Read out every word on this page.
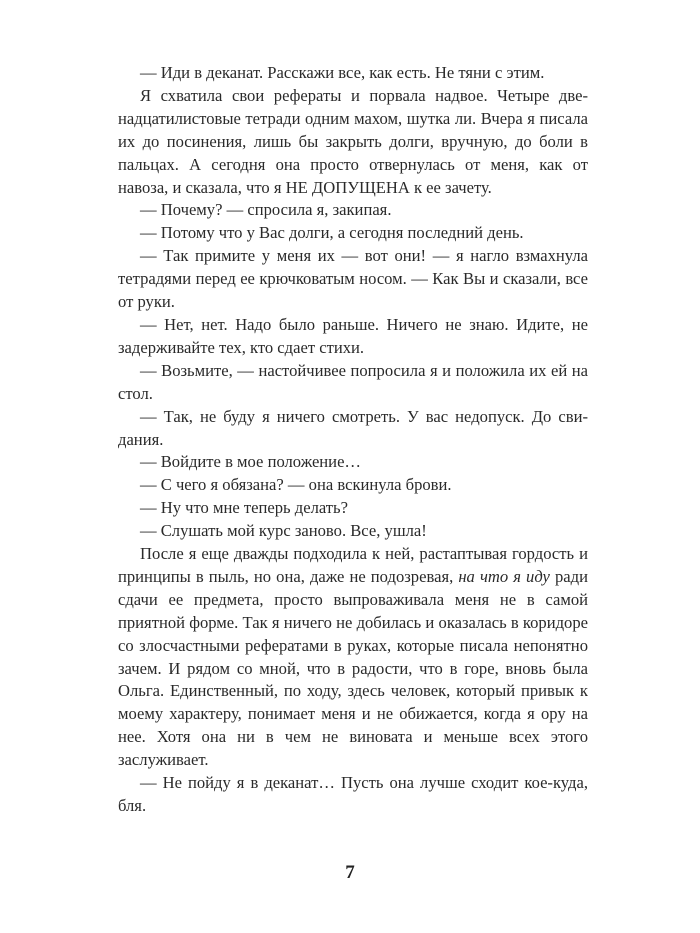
— Иди в деканат. Расскажи все, как есть. Не тяни с этим.

Я схватила свои рефераты и порвала надвое. Четыре двенадцатилистовые тетради одним махом, шутка ли. Вчера я писала их до посинения, лишь бы закрыть долги, вручную, до боли в пальцах. А сегодня она просто отвернулась от меня, как от навоза, и сказала, что я НЕ ДОПУЩЕНА к ее зачету.

— Почему? — спросила я, закипая.

— Потому что у Вас долги, а сегодня последний день.

— Так примите у меня их — вот они! — я нагло взмахнула тетрадями перед ее крючковатым носом. — Как Вы и сказали, все от руки.

— Нет, нет. Надо было раньше. Ничего не знаю. Идите, не задерживайте тех, кто сдает стихи.

— Возьмите, — настойчивее попросила я и положила их ей на стол.

— Так, не буду я ничего смотреть. У вас недопуск. До свидания.

— Войдите в мое положение…

— С чего я обязана? — она вскинула брови.

— Ну что мне теперь делать?

— Слушать мой курс заново. Все, ушла!

После я еще дважды подходила к ней, растаптывая гордость и принципы в пыль, но она, даже не подозревая, на что я иду ради сдачи ее предмета, просто выпроваживала меня не в самой приятной форме. Так я ничего не добилась и оказалась в коридоре со злосчастными рефератами в руках, которые писала непонятно зачем. И рядом со мной, что в радости, что в горе, вновь была Ольга. Единственный, по ходу, здесь человек, который привык к моему характеру, понимает меня и не обижается, когда я ору на нее. Хотя она ни в чем не виновата и меньше всех этого заслуживает.

— Не пойду я в деканат… Пусть она лучше сходит кое-куда, бля.

7
